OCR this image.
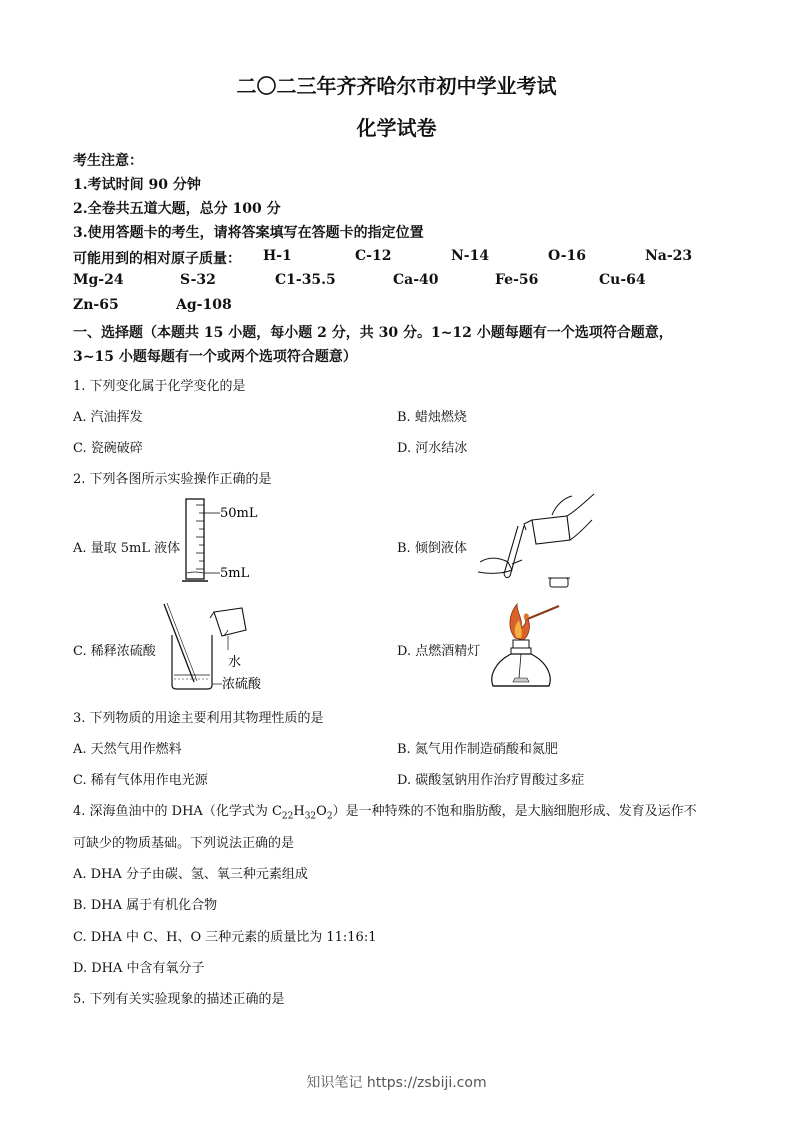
二〇二三年齐齐哈尔市初中学业考试
化学试卷
考生注意：
1.考试时间 90 分钟
2.全卷共五道大题，总分 100 分
3.使用答题卡的考生，请将答案填写在答题卡的指定位置
可能用到的相对原子质量： H-1	C-12	N-14	O-16	Na-23
Mg-24	S-32	C1-35.5	Ca-40	Fe-56	Cu-64
Zn-65	Ag-108
一、选择题（本题共 15 小题，每小题 2 分，共 30 分。1~12 小题每题有一个选项符合题意，
3~15 小题每题有一个或两个选项符合题意）
1. 下列变化属于化学变化的是
A. 汽油挥发	B. 蜡烛燃烧
C. 瓷碗破碎	D. 河水结冰
2. 下列各图所示实验操作正确的是
A. 量取 5mL 液体	B. 倾倒液体
C. 稀释浓硫酸	D. 点燃酒精灯
50mL
5mL
水
浓硫酸
3. 下列物质的用途主要利用其物理性质的是
A. 天然气用作燃料	B. 氮气用作制造硝酸和氮肥
C. 稀有气体用作电光源	D. 碳酸氢钠用作治疗胃酸过多症
4. 深海鱼油中的 DHA（化学式为 $C_{22}H_{32}O_2$）是一种特殊的不饱和脂肪酸，是大脑细胞形成、发育及运作不
可缺少的物质基础。下列说法正确的是
A. DHA 分子由碳、氢、氧三种元素组成
B. DHA 属于有机化合物
C. DHA 中 C、H、O 三种元素的质量比为 11:16:1
D. DHA 中含有氧分子
5. 下列有关实验现象的描述正确的是
知识笔记 https://zsbiji.com
